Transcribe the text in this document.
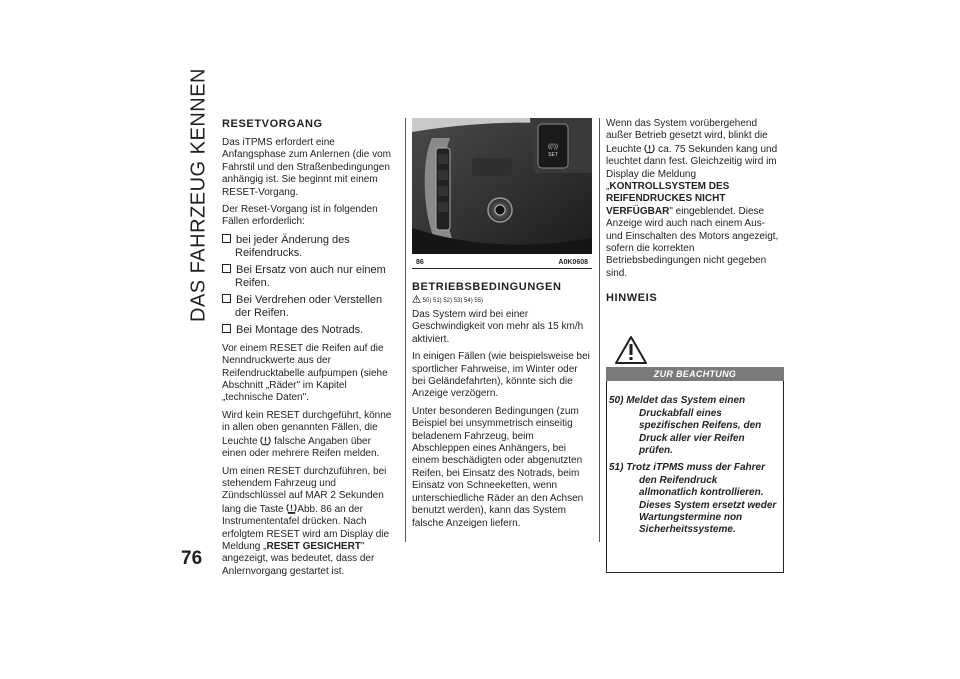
DAS FAHRZEUG KENNEN
76
RESETVORGANG

Das iTPMS erfordert eine Anfangsphase zum Anlernen (die vom Fahrstil und den Straßenbedingungen anhängig ist. Sie beginnt mit einem RESET-Vorgang.

Der Reset-Vorgang ist in folgenden Fällen erforderlich:

bei jeder Änderung des Reifendrucks.
Bei Ersatz von auch nur einem Reifen.
Bei Verdrehen oder Verstellen der Reifen.
Bei Montage des Notrads.

Vor einem RESET die Reifen auf die Nenndruckwerte aus der Reifendrucktabelle aufpumpen (siehe Abschnitt „Räder" im Kapitel „technische Daten".

Wird kein RESET durchgeführt, könne in allen oben genannten Fällen, die Leuchte falsche Angaben über einen oder mehrere Reifen melden.

Um einen RESET durchzuführen, bei stehendem Fahrzeug und Zündschlüssel auf MAR 2 Sekunden lang die Taste Abb. 86 an der Instrumententafel drücken. Nach erfolgtem RESET wird am Display die Meldung „RESET GESICHERT" angezeigt, was bedeutet, dass der Anlernvorgang gestartet ist.

((!))
SET
86	A0K0608
BETRIEBSBEDINGUNGEN
50) 51) 52) 53) 54) 55)

Das System wird bei einer Geschwindigkeit von mehr als 15 km/h aktiviert.

In einigen Fällen (wie beispielsweise bei sportlicher Fahrweise, im Winter oder bei Geländefahrten), könnte sich die Anzeige verzögern.

Unter besonderen Bedingungen (zum Beispiel bei unsymmetrisch einseitig beladenem Fahrzeug, beim Abschleppen eines Anhängers, bei einem beschädigten oder abgenutzten Reifen, bei Einsatz des Notrads, beim Einsatz von Schneeketten, wenn unterschiedliche Räder an den Achsen benutzt werden), kann das System falsche Anzeigen liefern.

Wenn das System vorübergehend außer Betrieb gesetzt wird, blinkt die Leuchte ca. 75 Sekunden kang und leuchtet dann fest. Gleichzeitig wird im Display die Meldung „KONTROLLSYSTEM DES REIFENDRUCKES NICHT VERFÜGBAR" eingeblendet. Diese Anzeige wird auch nach einem Aus- und Einschalten des Motors angezeigt, sofern die korrekten Betriebsbedingungen nicht gegeben sind.

HINWEIS
ZUR BEACHTUNG
50) Meldet das System einen Druckabfall eines spezifischen Reifens, den Druck aller vier Reifen prüfen.
51) Trotz iTPMS muss der Fahrer den Reifendruck allmonatlich kontrollieren. Dieses System ersetzt weder Wartungstermine non Sicherheitssysteme.
